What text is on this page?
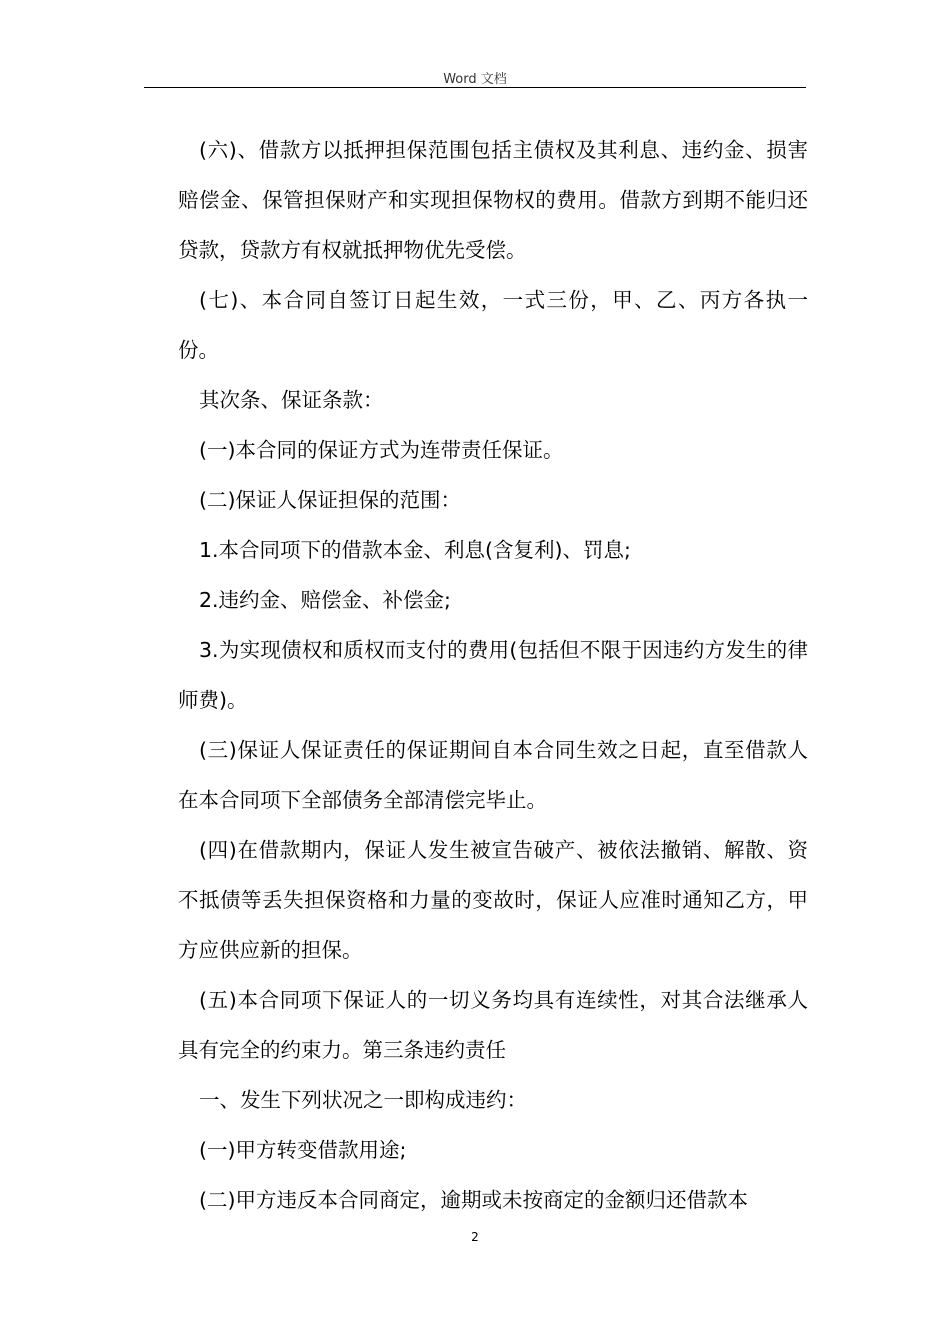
Word 文档

(六)、借款方以抵押担保范围包括主债权及其利息、违约金、损害赔偿金、保管担保财产和实现担保物权的费用。借款方到期不能归还贷款，贷款方有权就抵押物优先受偿。

(七)、本合同自签订日起生效，一式三份，甲、乙、丙方各执一份。

其次条、保证条款：

(一)本合同的保证方式为连带责任保证。

(二)保证人保证担保的范围：

1.本合同项下的借款本金、利息(含复利)、罚息;

2.违约金、赔偿金、补偿金;

3.为实现债权和质权而支付的费用(包括但不限于因违约方发生的律师费)。

(三)保证人保证责任的保证期间自本合同生效之日起，直至借款人在本合同项下全部债务全部清偿完毕止。

(四)在借款期内，保证人发生被宣告破产、被依法撤销、解散、资不抵债等丢失担保资格和力量的变故时，保证人应准时通知乙方，甲方应供应新的担保。

(五)本合同项下保证人的一切义务均具有连续性，对其合法继承人具有完全的约束力。第三条违约责任

一、发生下列状况之一即构成违约：

(一)甲方转变借款用途;

(二)甲方违反本合同商定，逾期或未按商定的金额归还借款本

2
